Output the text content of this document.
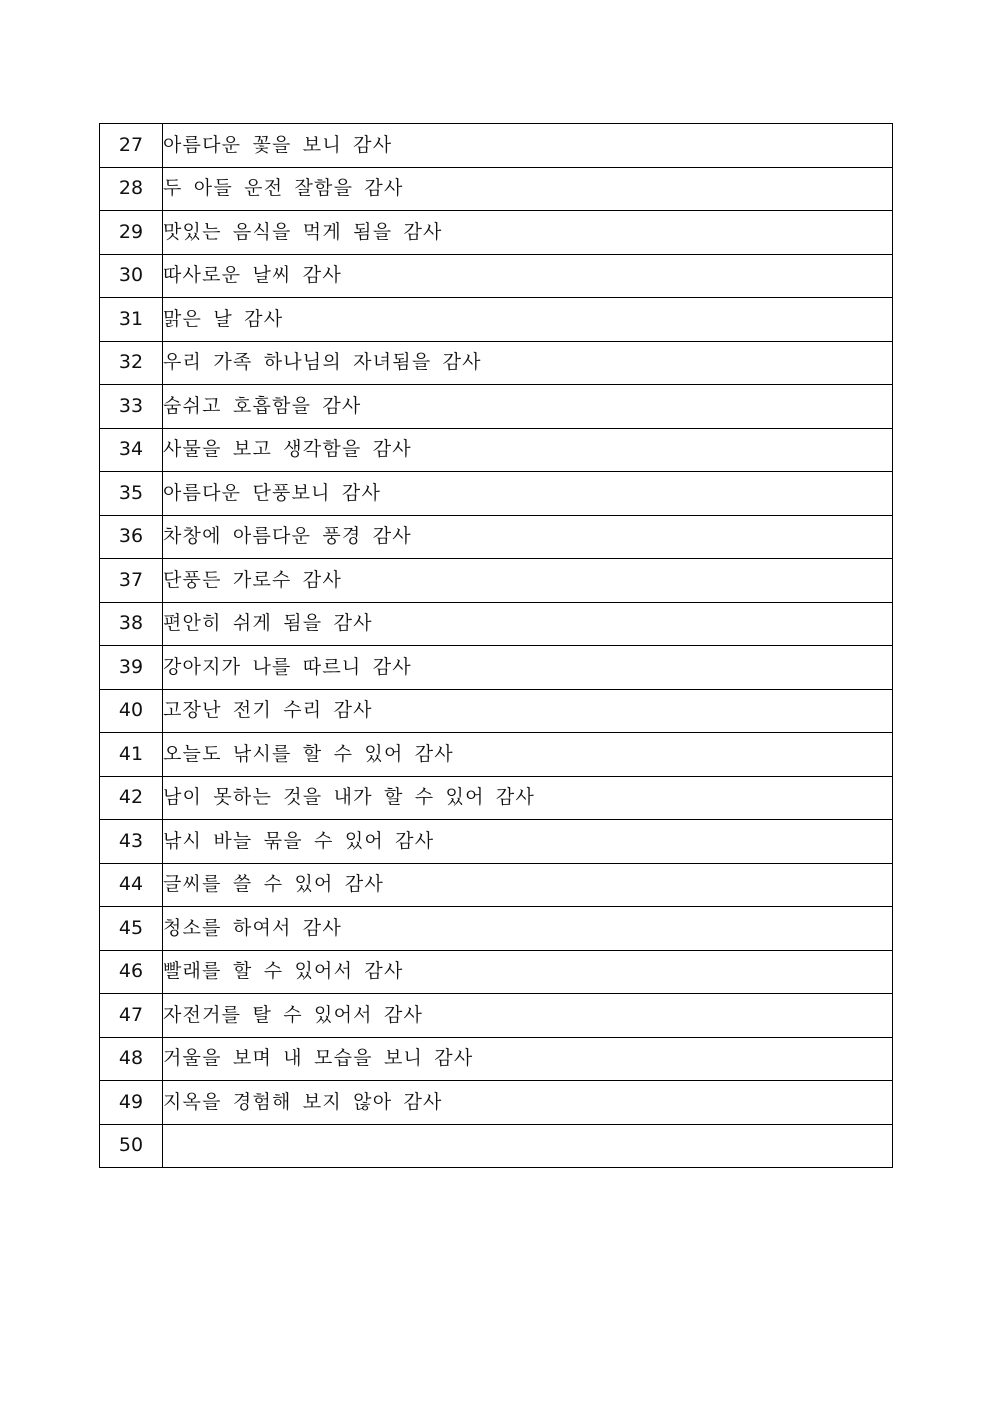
27	아름다운 꽃을 보니 감사
28	두 아들 운전 잘함을 감사
29	맛있는 음식을 먹게 됨을 감사
30	따사로운 날씨 감사
31	맑은 날 감사
32	우리 가족 하나님의 자녀됨을 감사
33	숨쉬고 호흡함을 감사
34	사물을 보고 생각함을 감사
35	아름다운 단풍보니 감사
36	차창에 아름다운 풍경 감사
37	단풍든 가로수 감사
38	편안히 쉬게 됨을 감사
39	강아지가 나를 따르니 감사
40	고장난 전기 수리 감사
41	오늘도 낚시를 할 수 있어 감사
42	남이 못하는 것을 내가 할 수 있어 감사
43	낚시 바늘 묶을 수 있어 감사
44	글씨를 쓸 수 있어 감사
45	청소를 하여서 감사
46	빨래를 할 수 있어서 감사
47	자전거를 탈 수 있어서 감사
48	거울을 보며 내 모습을 보니 감사
49	지옥을 경험해 보지 않아 감사
50	
